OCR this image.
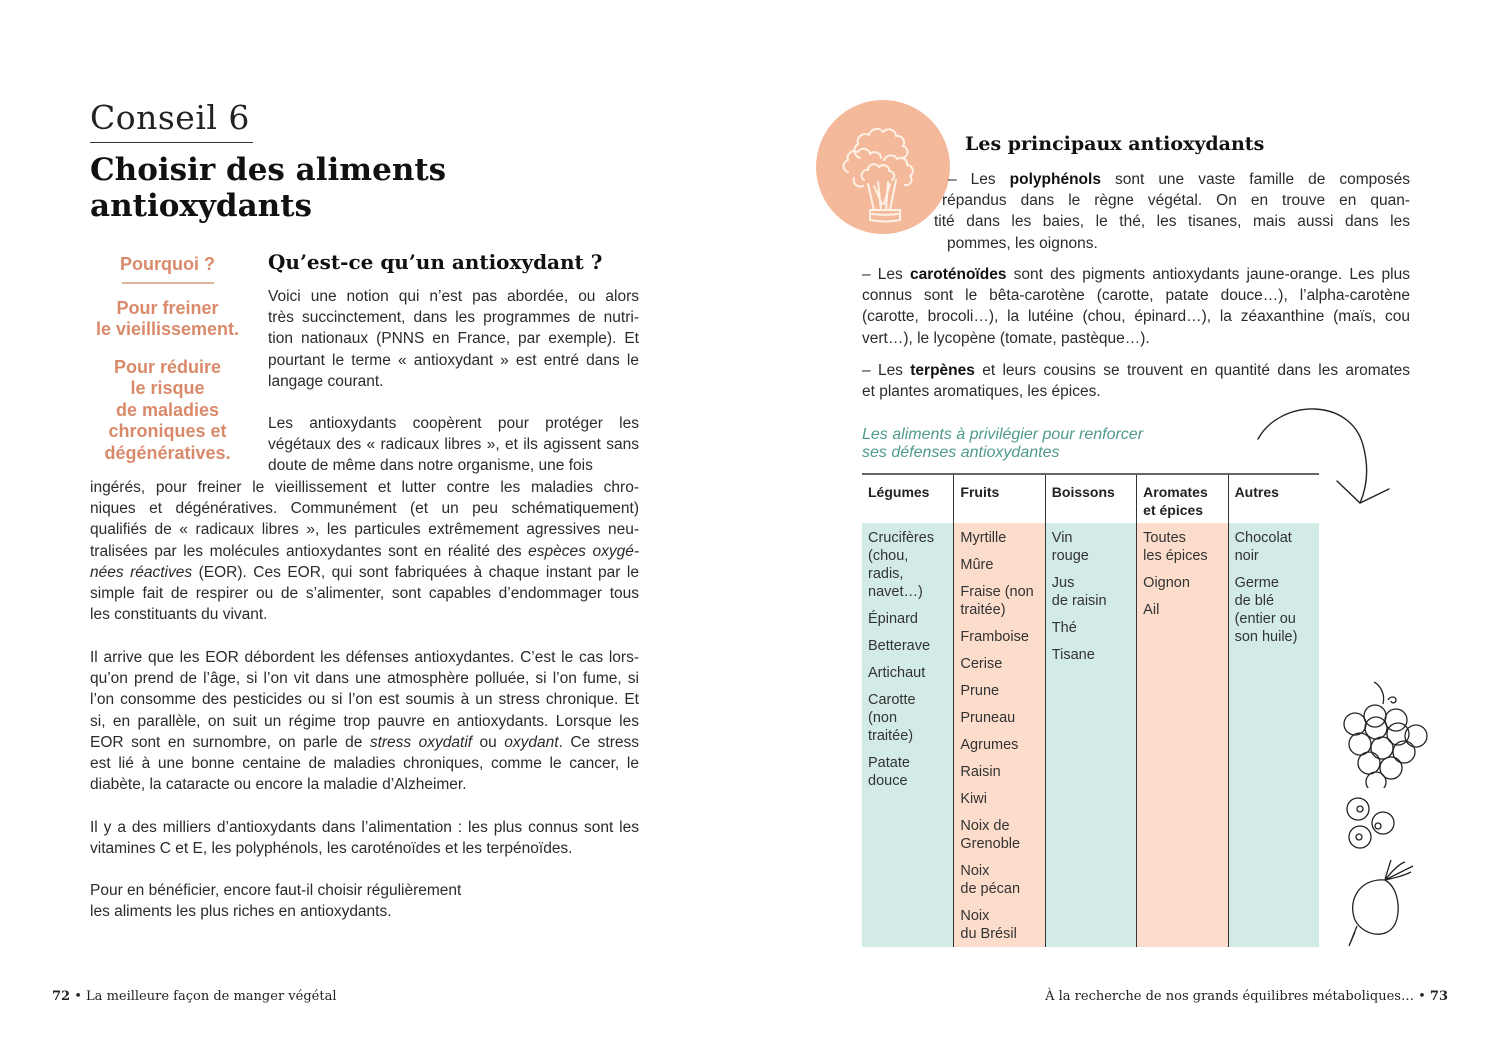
Conseil 6
Choisir des aliments
antioxydants
Pourquoi ?
Pour freiner
le vieillissement.
Pour réduire
le risque
de maladies
chroniques et
dégénératives.
Qu’est-ce qu’un antioxydant ?
Voici une notion qui n’est pas abordée, ou alors
très succinctement, dans les programmes de nutri-
tion nationaux (PNNS en France, par exemple). Et
pourtant le terme « antioxydant » est entré dans le
langage courant.
Les antioxydants coopèrent pour protéger les
végétaux des « radicaux libres », et ils agissent sans
doute de même dans notre organisme, une fois
ingérés, pour freiner le vieillissement et lutter contre les maladies chro-
niques et dégénératives. Communément (et un peu schématiquement)
qualifiés de « radicaux libres », les particules extrêmement agressives neu-
tralisées par les molécules antioxydantes sont en réalité des espèces oxygé-
nées réactives (EOR). Ces EOR, qui sont fabriquées à chaque instant par le
simple fait de respirer ou de s’alimenter, sont capables d’endommager tous
les constituants du vivant.
Il arrive que les EOR débordent les défenses antioxydantes. C’est le cas lors-
qu’on prend de l’âge, si l’on vit dans une atmosphère polluée, si l’on fume, si
l’on consomme des pesticides ou si l’on est soumis à un stress chronique. Et
si, en parallèle, on suit un régime trop pauvre en antioxydants. Lorsque les
EOR sont en surnombre, on parle de stress oxydatif ou oxydant. Ce stress
est lié à une bonne centaine de maladies chroniques, comme le cancer, le
diabète, la cataracte ou encore la maladie d’Alzheimer.
Il y a des milliers d’antioxydants dans l’alimentation : les plus connus sont les
vitamines C et E, les polyphénols, les caroténoïdes et les terpénoïdes.
Pour en bénéficier, encore faut-il choisir régulièrement
les aliments les plus riches en antioxydants.
72 • La meilleure façon de manger végétal
Les principaux antioxydants
– Les polyphénols sont une vaste famille de composés
répandus dans le règne végétal. On en trouve en quan-
tité dans les baies, le thé, les tisanes, mais aussi dans les
pommes, les oignons.
– Les caroténoïdes sont des pigments antioxydants jaune-orange. Les plus
connus sont le bêta-carotène (carotte, patate douce…), l’alpha-carotène
(carotte, brocoli…), la lutéine (chou, épinard…), la zéaxanthine (maïs, cou
vert…), le lycopène (tomate, pastèque…).
– Les terpènes et leurs cousins se trouvent en quantité dans les aromates
et plantes aromatiques, les épices.
Les aliments à privilégier pour renforcer
ses défenses antioxydantes
Légumes
Crucifères
(chou,
radis,
navet…)
Épinard
Betterave
Artichaut
Carotte
(non
traitée)
Patate
douce
Fruits
Myrtille
Mûre
Fraise (non
traitée)
Framboise
Cerise
Prune
Pruneau
Agrumes
Raisin
Kiwi
Noix de
Grenoble
Noix
de pécan
Noix
du Brésil
Boissons
Vin
rouge
Jus
de raisin
Thé
Tisane
Aromates
et épices
Toutes
les épices
Oignon
Ail
Autres
Chocolat
noir
Germe
de blé
(entier ou
son huile)
À la recherche de nos grands équilibres métaboliques… • 73
